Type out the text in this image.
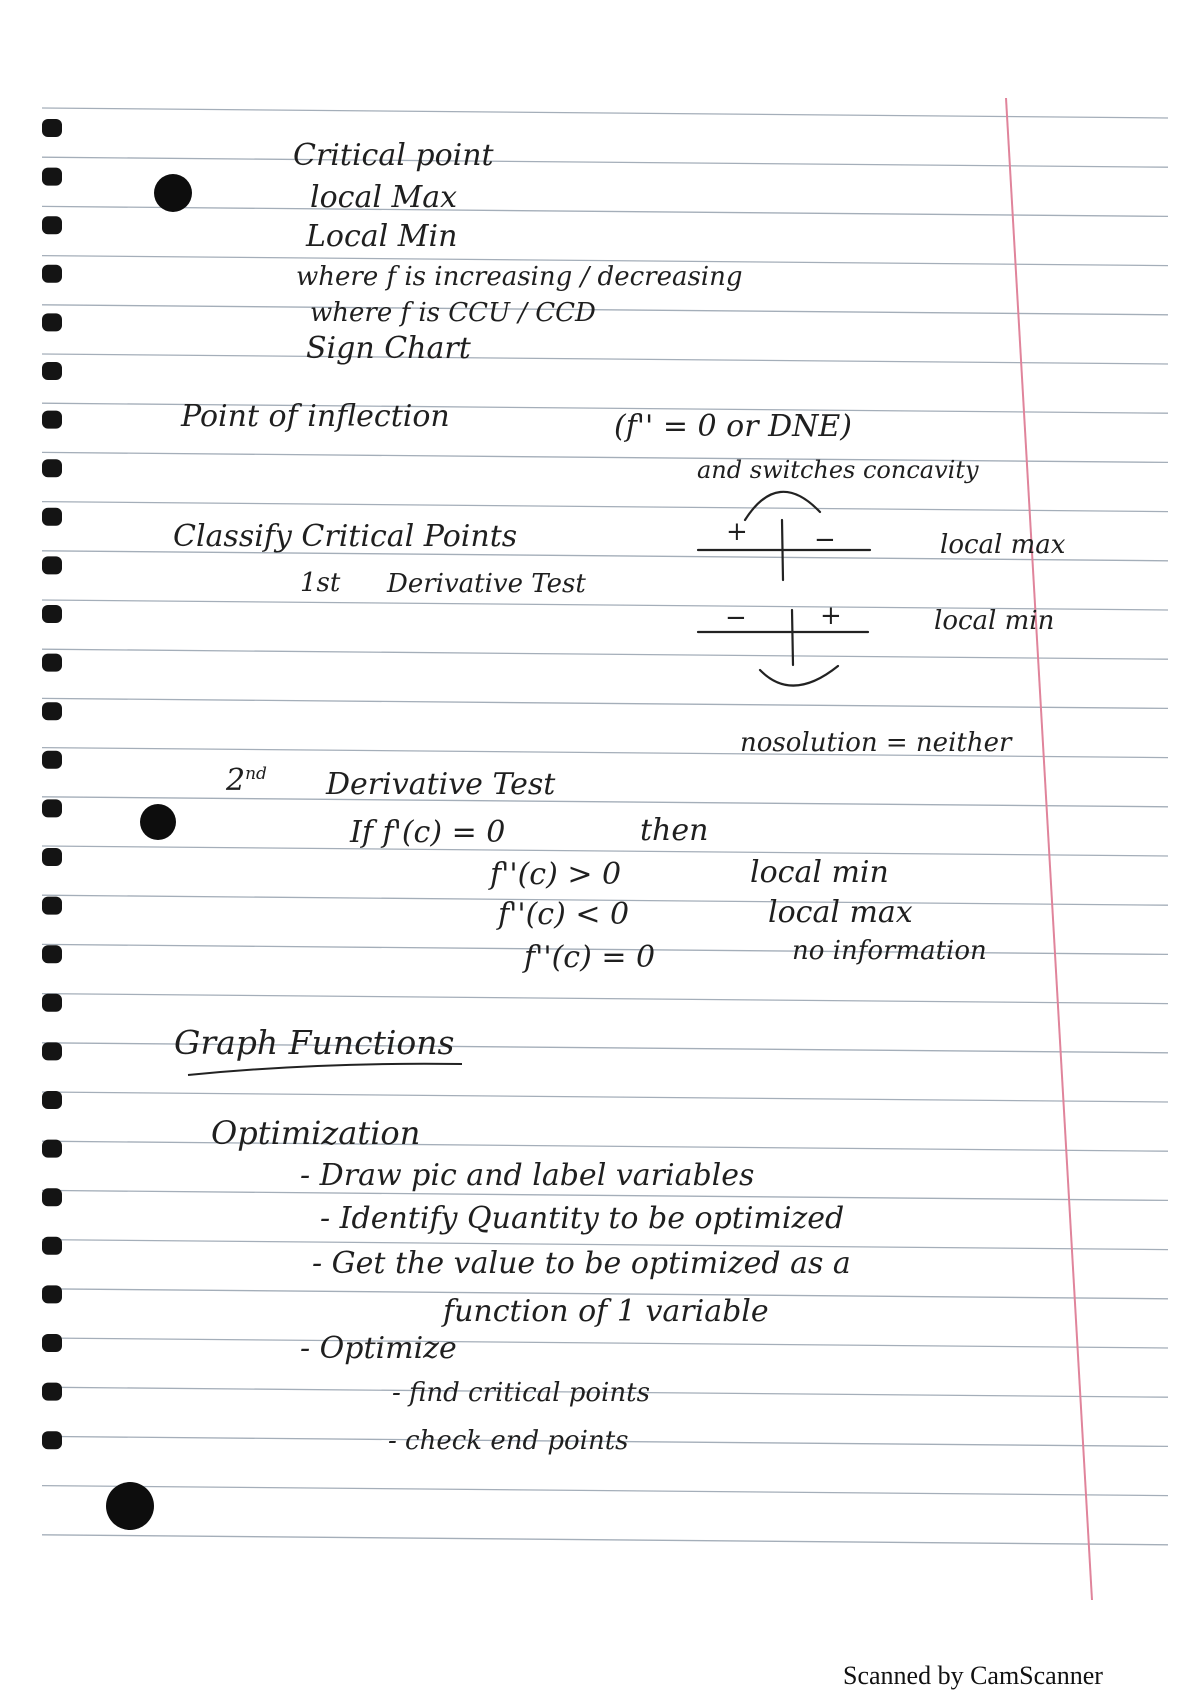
Critical point
local Max
Local Min
where f is increasing / decreasing
where f is CCU / CCD
Sign Chart
Point of inflection	(f'' = 0 or DNE)
and switches concavity
Classify Critical Points
1st Derivative Test
+	−	local max
−	+	local min
nosolution = neither
2nd Derivative Test
If f'(c) = 0	then
f''(c) > 0	local min
f''(c) < 0	local max
f''(c) = 0	no information
Graph Functions
Optimization
- Draw pic and label variables
- Identify Quantity to be optimized
- Get the value to be optimized as a
function of 1 variable
- Optimize
- find critical points
- check end points
Scanned by CamScanner
